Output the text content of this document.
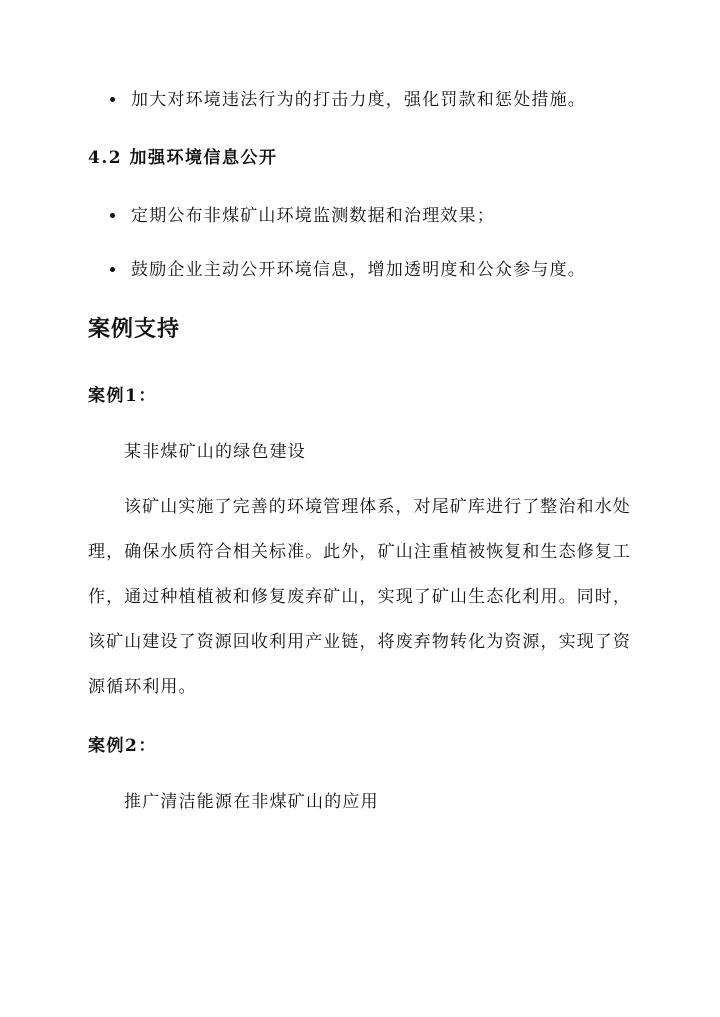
加大对环境违法行为的打击力度，强化罚款和惩处措施。
4.2 加强环境信息公开
定期公布非煤矿山环境监测数据和治理效果；
鼓励企业主动公开环境信息，增加透明度和公众参与度。
案例支持
案例1：
某非煤矿山的绿色建设
该矿山实施了完善的环境管理体系，对尾矿库进行了整治和水处理，确保水质符合相关标准。此外，矿山注重植被恢复和生态修复工作，通过种植植被和修复废弃矿山，实现了矿山生态化利用。同时，该矿山建设了资源回收利用产业链，将废弃物转化为资源，实现了资源循环利用。
案例2：
推广清洁能源在非煤矿山的应用
